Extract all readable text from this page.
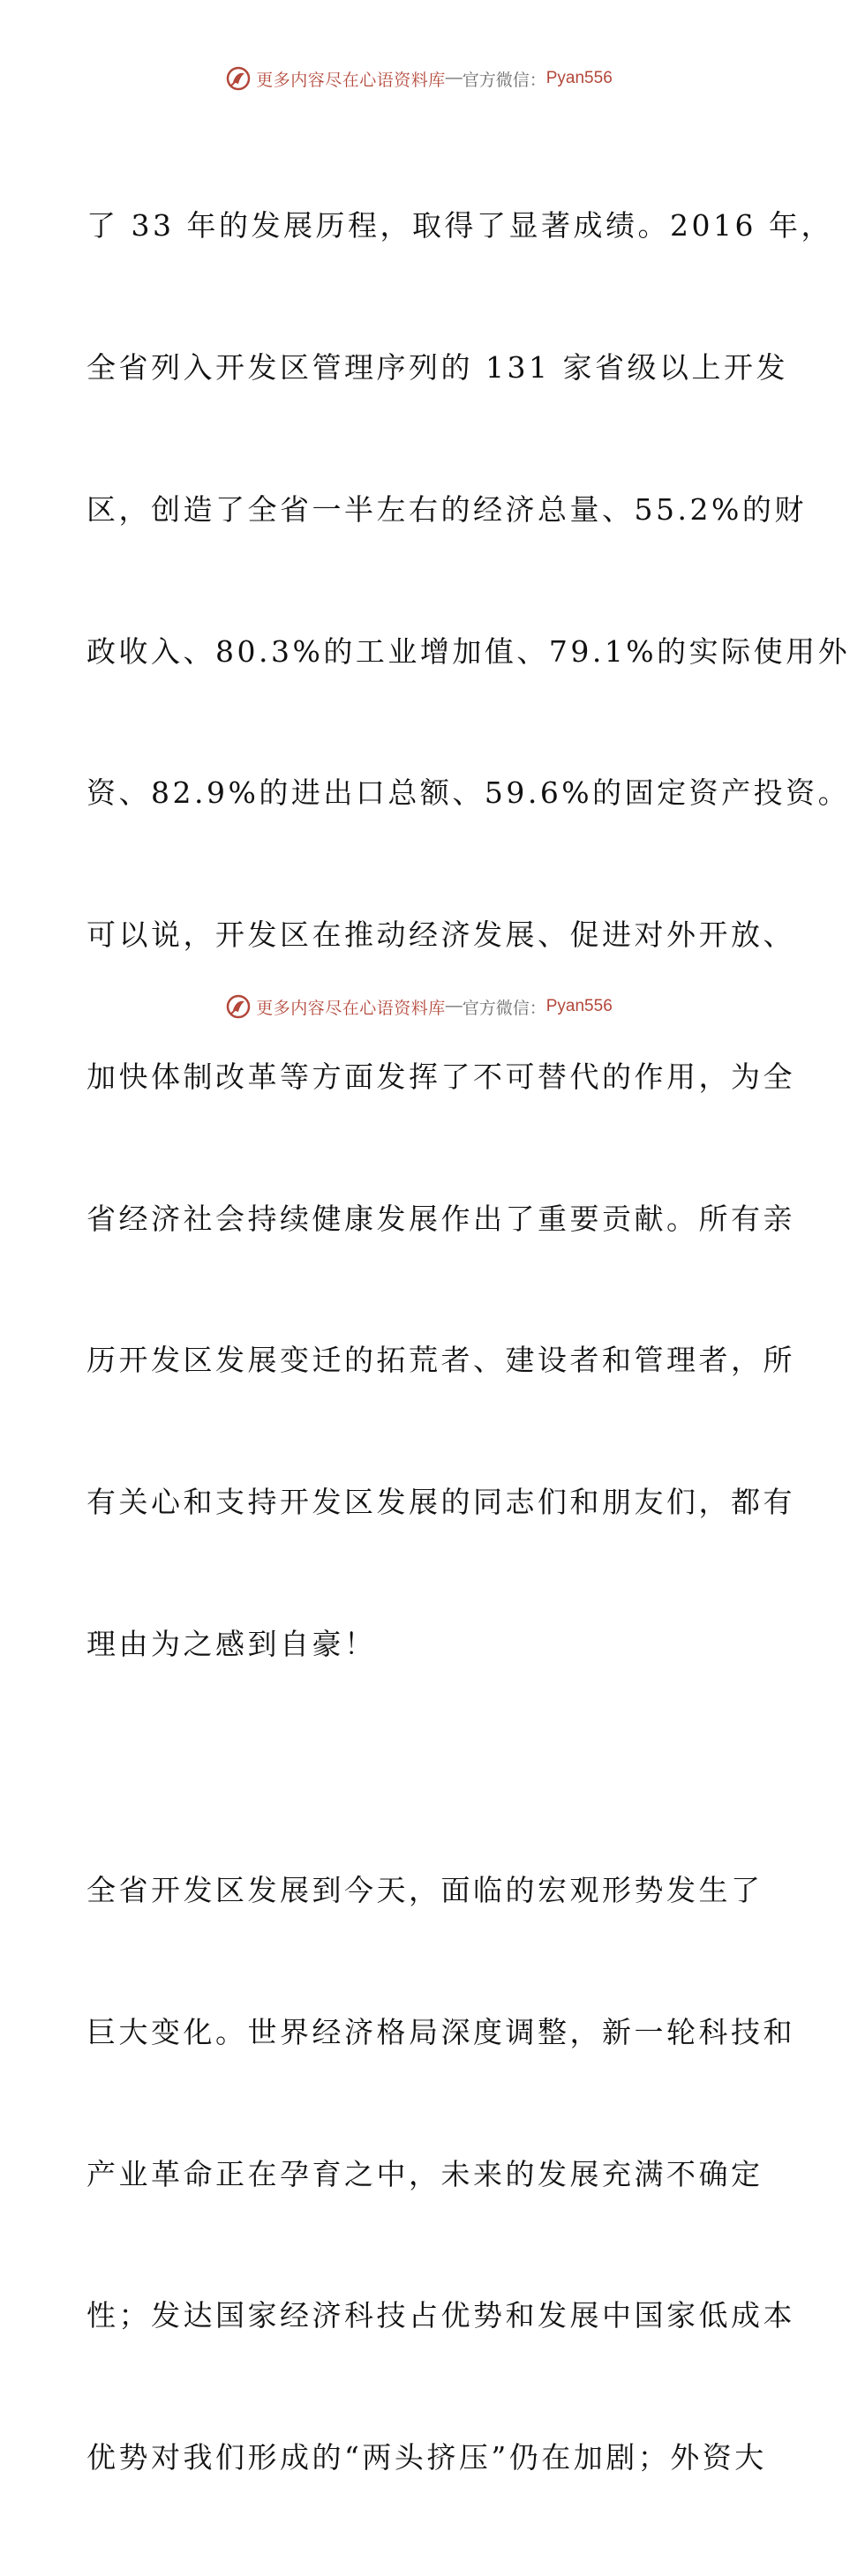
更多内容尽在心语资料库 — 官方微信： Pyan556

了 33 年的发展历程，取得了显著成绩。2016 年，

全省列入开发区管理序列的 131 家省级以上开发

区，创造了全省一半左右的经济总量、55.2%的财

政收入、80.3%的工业增加值、79.1%的实际使用外

资、82.9%的进出口总额、59.6%的固定资产投资。

可以说，开发区在推动经济发展、促进对外开放、

加快体制改革等方面发挥了不可替代的作用，为全

省经济社会持续健康发展作出了重要贡献。所有亲

历开发区发展变迁的拓荒者、建设者和管理者，所

有关心和支持开发区发展的同志们和朋友们，都有

理由为之感到自豪！

全省开发区发展到今天，面临的宏观形势发生了

巨大变化。世界经济格局深度调整，新一轮科技和

产业革命正在孕育之中，未来的发展充满不确定

性；发达国家经济科技占优势和发展中国家低成本

优势对我们形成的“两头挤压”仍在加剧；外资大

更多内容尽在心语资料库 — 官方微信： Pyan556
